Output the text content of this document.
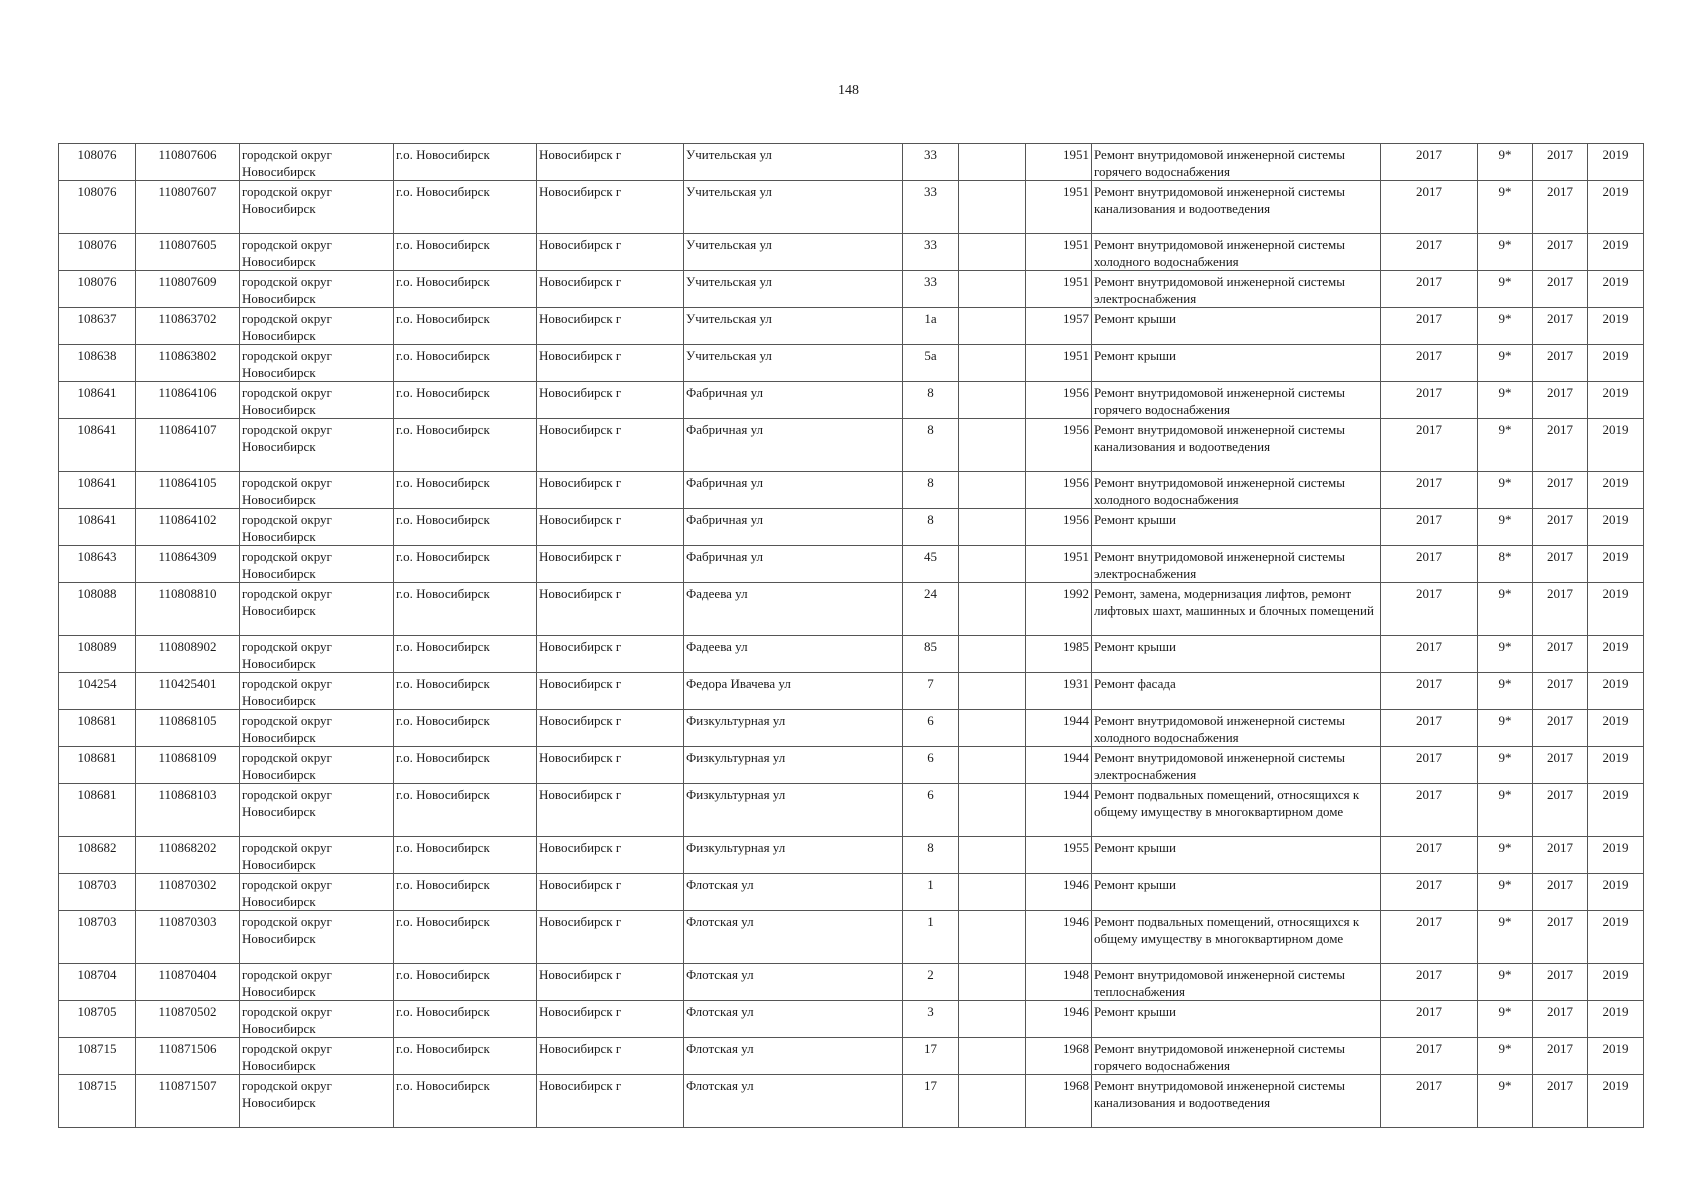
148
108076	110807606	городской округ Новосибирск	г.о. Новосибирск	Новосибирск г	Учительская ул	33		1951	Ремонт внутридомовой инженерной системы горячего водоснабжения	2017	9*	2017	2019
108076	110807607	городской округ Новосибирск	г.о. Новосибирск	Новосибирск г	Учительская ул	33		1951	Ремонт внутридомовой инженерной системы канализования и водоотведения	2017	9*	2017	2019
108076	110807605	городской округ Новосибирск	г.о. Новосибирск	Новосибирск г	Учительская ул	33		1951	Ремонт внутридомовой инженерной системы холодного водоснабжения	2017	9*	2017	2019
108076	110807609	городской округ Новосибирск	г.о. Новосибирск	Новосибирск г	Учительская ул	33		1951	Ремонт внутридомовой инженерной системы электроснабжения	2017	9*	2017	2019
108637	110863702	городской округ Новосибирск	г.о. Новосибирск	Новосибирск г	Учительская ул	1а		1957	Ремонт крыши	2017	9*	2017	2019
108638	110863802	городской округ Новосибирск	г.о. Новосибирск	Новосибирск г	Учительская ул	5а		1951	Ремонт крыши	2017	9*	2017	2019
108641	110864106	городской округ Новосибирск	г.о. Новосибирск	Новосибирск г	Фабричная ул	8		1956	Ремонт внутридомовой инженерной системы горячего водоснабжения	2017	9*	2017	2019
108641	110864107	городской округ Новосибирск	г.о. Новосибирск	Новосибирск г	Фабричная ул	8		1956	Ремонт внутридомовой инженерной системы канализования и водоотведения	2017	9*	2017	2019
108641	110864105	городской округ Новосибирск	г.о. Новосибирск	Новосибирск г	Фабричная ул	8		1956	Ремонт внутридомовой инженерной системы холодного водоснабжения	2017	9*	2017	2019
108641	110864102	городской округ Новосибирск	г.о. Новосибирск	Новосибирск г	Фабричная ул	8		1956	Ремонт крыши	2017	9*	2017	2019
108643	110864309	городской округ Новосибирск	г.о. Новосибирск	Новосибирск г	Фабричная ул	45		1951	Ремонт внутридомовой инженерной системы электроснабжения	2017	8*	2017	2019
108088	110808810	городской округ Новосибирск	г.о. Новосибирск	Новосибирск г	Фадеева ул	24		1992	Ремонт, замена, модернизация лифтов, ремонт лифтовых шахт, машинных и блочных помещений	2017	9*	2017	2019
108089	110808902	городской округ Новосибирск	г.о. Новосибирск	Новосибирск г	Фадеева ул	85		1985	Ремонт крыши	2017	9*	2017	2019
104254	110425401	городской округ Новосибирск	г.о. Новосибирск	Новосибирск г	Федора Ивачева ул	7		1931	Ремонт фасада	2017	9*	2017	2019
108681	110868105	городской округ Новосибирск	г.о. Новосибирск	Новосибирск г	Физкультурная ул	6		1944	Ремонт внутридомовой инженерной системы холодного водоснабжения	2017	9*	2017	2019
108681	110868109	городской округ Новосибирск	г.о. Новосибирск	Новосибирск г	Физкультурная ул	6		1944	Ремонт внутридомовой инженерной системы электроснабжения	2017	9*	2017	2019
108681	110868103	городской округ Новосибирск	г.о. Новосибирск	Новосибирск г	Физкультурная ул	6		1944	Ремонт подвальных помещений, относящихся к общему имуществу в многоквартирном доме	2017	9*	2017	2019
108682	110868202	городской округ Новосибирск	г.о. Новосибирск	Новосибирск г	Физкультурная ул	8		1955	Ремонт крыши	2017	9*	2017	2019
108703	110870302	городской округ Новосибирск	г.о. Новосибирск	Новосибирск г	Флотская ул	1		1946	Ремонт крыши	2017	9*	2017	2019
108703	110870303	городской округ Новосибирск	г.о. Новосибирск	Новосибирск г	Флотская ул	1		1946	Ремонт подвальных помещений, относящихся к общему имуществу в многоквартирном доме	2017	9*	2017	2019
108704	110870404	городской округ Новосибирск	г.о. Новосибирск	Новосибирск г	Флотская ул	2		1948	Ремонт внутридомовой инженерной системы теплоснабжения	2017	9*	2017	2019
108705	110870502	городской округ Новосибирск	г.о. Новосибирск	Новосибирск г	Флотская ул	3		1946	Ремонт крыши	2017	9*	2017	2019
108715	110871506	городской округ Новосибирск	г.о. Новосибирск	Новосибирск г	Флотская ул	17		1968	Ремонт внутридомовой инженерной системы горячего водоснабжения	2017	9*	2017	2019
108715	110871507	городской округ Новосибирск	г.о. Новосибирск	Новосибирск г	Флотская ул	17		1968	Ремонт внутридомовой инженерной системы канализования и водоотведения	2017	9*	2017	2019
